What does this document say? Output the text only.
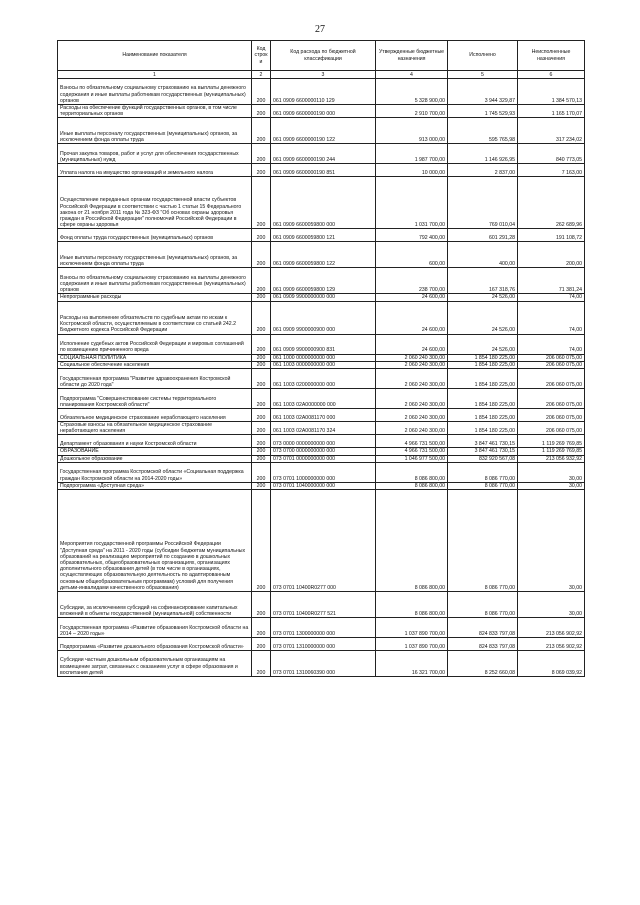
27
Наименование показателя	Код строк и	Код расхода по бюджетной классификации	Утвержденные бюджетные назначения	Исполнено	Неисполненные назначения
1	2	3	4	5	6
Взносы по обязательному социальному страхованию на выплаты денежного содержания и иные выплаты работникам государственных (муниципальных) органов	200	061 0909 6600000110 129	5 328 900,00	3 944 329,87	1 384 570,13
Расходы на обеспечение функций государственных органов, в том числе территориальных органов	200	061 0909 6600000190 000	2 910 700,00	1 745 529,93	1 165 170,07
Иные выплаты персоналу государственных (муниципальных) органов, за исключением фонда оплаты труда	200	061 0909 6600000190 122	913 000,00	595 765,98	317 234,02
Прочая закупка товаров, работ и услуг для обеспечения государственных (муниципальных) нужд	200	061 0909 6600000190 244	1 987 700,00	1 146 926,95	840 773,05
Уплата налога на имущество организаций и земельного налога	200	061 0909 6600000190 851	10 000,00	2 837,00	7 163,00
Осуществление переданных органам государственной власти субъектов Российской Федерации в соответствии с частью 1 статьи 15 Федерального закона от 21 ноября 2011 года № 323-ФЗ "Об основах охраны здоровья граждан в Российской Федерации" полномочий Российской Федерации в сфере охраны здоровья	200	061 0909 6600059800 000	1 031 700,00	769 010,04	262 689,96
Фонд оплаты труда государственных (муниципальных) органов	200	061 0909 6600059800 121	792 400,00	601 291,28	191 108,72
Иные выплаты персоналу государственных (муниципальных) органов, за исключением фонда оплаты труда	200	061 0909 6600059800 122	600,00	400,00	200,00
Взносы по обязательному социальному страхованию на выплаты денежного содержания и иные выплаты работникам государственных (муниципальных) органов	200	061 0909 6600059800 129	238 700,00	167 318,76	71 381,24
Непрограммные расходы	200	061 0909 9900000000 000	24 600,00	24 526,00	74,00
Расходы на выполнение обязательств по судебным актам по искам к Костромской области, осуществляемым в соответствии со статьей 242.2 Бюджетного кодекса Российской Федерации	200	061 0909 9900000900 000	24 600,00	24 526,00	74,00
Исполнение судебных актов Российской Федерации и мировых соглашений по возмещению причиненного вреда	200	061 0909 9900000900 831	24 600,00	24 526,00	74,00
СОЦИАЛЬНАЯ ПОЛИТИКА	200	061 1000 0000000000 000	2 060 240 300,00	1 854 180 225,00	206 060 075,00
Социальное обеспечение населения	200	061 1003 0000000000 000	2 060 240 300,00	1 854 180 225,00	206 060 075,00
Государственная программа "Развитие здравоохранения Костромской области до 2020 года"	200	061 1003 0200000000 000	2 060 240 300,00	1 854 180 225,00	206 060 075,00
Подпрограмма "Совершенствование системы территориального планирования Костромской области"	200	061 1003 02A0000000 000	2 060 240 300,00	1 854 180 225,00	206 060 075,00
Обязательное медицинское страхование неработающего населения	200	061 1003 02A0081170 000	2 060 240 300,00	1 854 180 225,00	206 060 075,00
Страховые взносы на обязательное медицинское страхование неработающего населения	200	061 1003 02A0081170 324	2 060 240 300,00	1 854 180 225,00	206 060 075,00
Департамент образования и науки Костромской области	200	073 0000 0000000000 000	4 966 731 500,00	3 847 461 730,15	1 119 269 769,85
ОБРАЗОВАНИЕ	200	073 0700 0000000000 000	4 966 731 500,00	3 847 461 730,15	1 119 269 769,85
Дошкольное образование	200	073 0701 0000000000 000	1 046 977 500,00	832 920 567,08	213 056 932,92
Государственная программа Костромской области «Социальная поддержка граждан Костромской области на 2014-2020 годы»	200	073 0701 1000000000 000	8 086 800,00	8 086 770,00	30,00
Подпрограмма «Доступная среда»	200	073 0701 1040000000 000	8 086 800,00	8 086 770,00	30,00
Мероприятия государственной программы Российской Федерации "Доступная среда" на 2011 - 2020 годы (субсидии бюджетам муниципальных образований на реализацию мероприятий по созданию в дошкольных образовательных, общеобразовательных организациях, организациях дополнительного образования детей (в том числе в организациях, осуществляющих образовательную деятельность по адаптированным основным общеобразовательным программам) условий для получения детьми-инвалидами качественного образования)	200	073 0701 10400R0277 000	8 086 800,00	8 086 770,00	30,00
Субсидии, за исключением субсидий на софинансирование капитальных вложений в объекты государственной (муниципальной) собственности	200	073 0701 10400R0277 521	8 086 800,00	8 086 770,00	30,00
Государственная программа «Развитие образования Костромской области на 2014 – 2020 годы»	200	073 0701 1300000000 000	1 037 890 700,00	824 833 797,08	213 056 902,92
Подпрограмма «Развитие дошкольного образования Костромской области»	200	073 0701 1310000000 000	1 037 890 700,00	824 833 797,08	213 056 902,92
Субсидии частным дошкольным образовательным организациям на возмещение затрат, связанных с оказанием услуг в сфере образования и воспитания детей	200	073 0701 1310060390 000	16 321 700,00	8 252 660,08	8 069 039,92
